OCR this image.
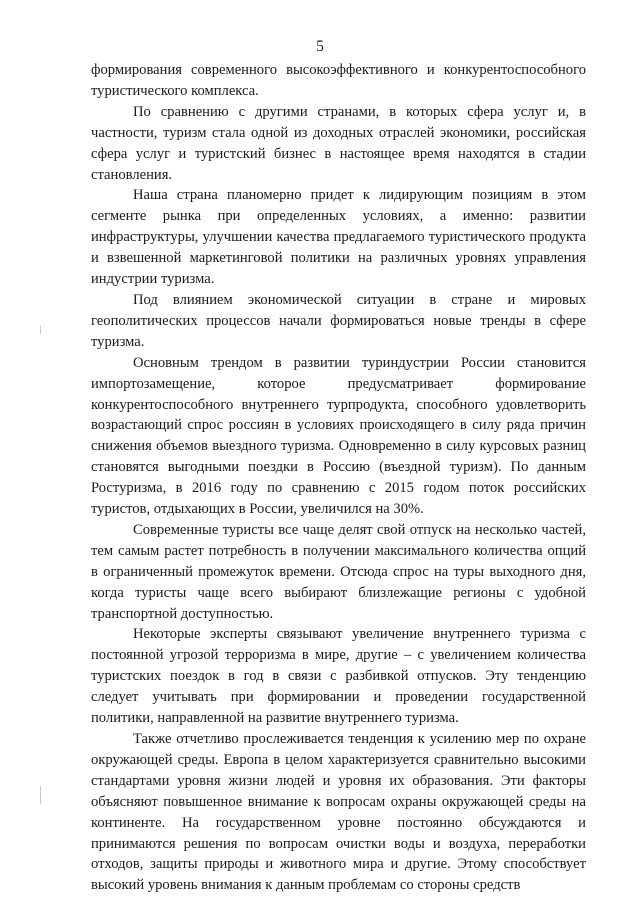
5

формирования современного высокоэффективного и конкурентоспособного туристического комплекса.

По сравнению с другими странами, в которых сфера услуг и, в частности, туризм стала одной из доходных отраслей экономики, российская сфера услуг и туристский бизнес в настоящее время находятся в стадии становления.

Наша страна планомерно придет к лидирующим позициям в этом сегменте рынка при определенных условиях, а именно: развитии инфраструктуры, улучшении качества предлагаемого туристического продукта и взвешенной маркетинговой политики на различных уровнях управления индустрии туризма.

Под влиянием экономической ситуации в стране и мировых геополитических процессов начали формироваться новые тренды в сфере туризма.

Основным трендом в развитии туриндустрии России становится импортозамещение, которое предусматривает формирование конкурентоспособного внутреннего турпродукта, способного удовлетворить возрастающий спрос россиян в условиях происходящего в силу ряда причин снижения объемов выездного туризма. Одновременно в силу курсовых разниц становятся выгодными поездки в Россию (въездной туризм). По данным Ростуризма, в 2016 году по сравнению с 2015 годом поток российских туристов, отдыхающих в России, увеличился на 30%.

Современные туристы все чаще делят свой отпуск на несколько частей, тем самым растет потребность в получении максимального количества опций в ограниченный промежуток времени. Отсюда спрос на туры выходного дня, когда туристы чаще всего выбирают близлежащие регионы с удобной транспортной доступностью.

Некоторые эксперты связывают увеличение внутреннего туризма с постоянной угрозой терроризма в мире, другие – с увеличением количества туристских поездок в год в связи с разбивкой отпусков. Эту тенденцию следует учитывать при формировании и проведении государственной политики, направленной на развитие внутреннего туризма.

Также отчетливо прослеживается тенденция к усилению мер по охране окружающей среды. Европа в целом характеризуется сравнительно высокими стандартами уровня жизни людей и уровня их образования. Эти факторы объясняют повышенное внимание к вопросам охраны окружающей среды на континенте. На государственном уровне постоянно обсуждаются и принимаются решения по вопросам очистки воды и воздуха, переработки отходов, защиты природы и животного мира и другие. Этому способствует высокий уровень внимания к данным проблемам со стороны средств
